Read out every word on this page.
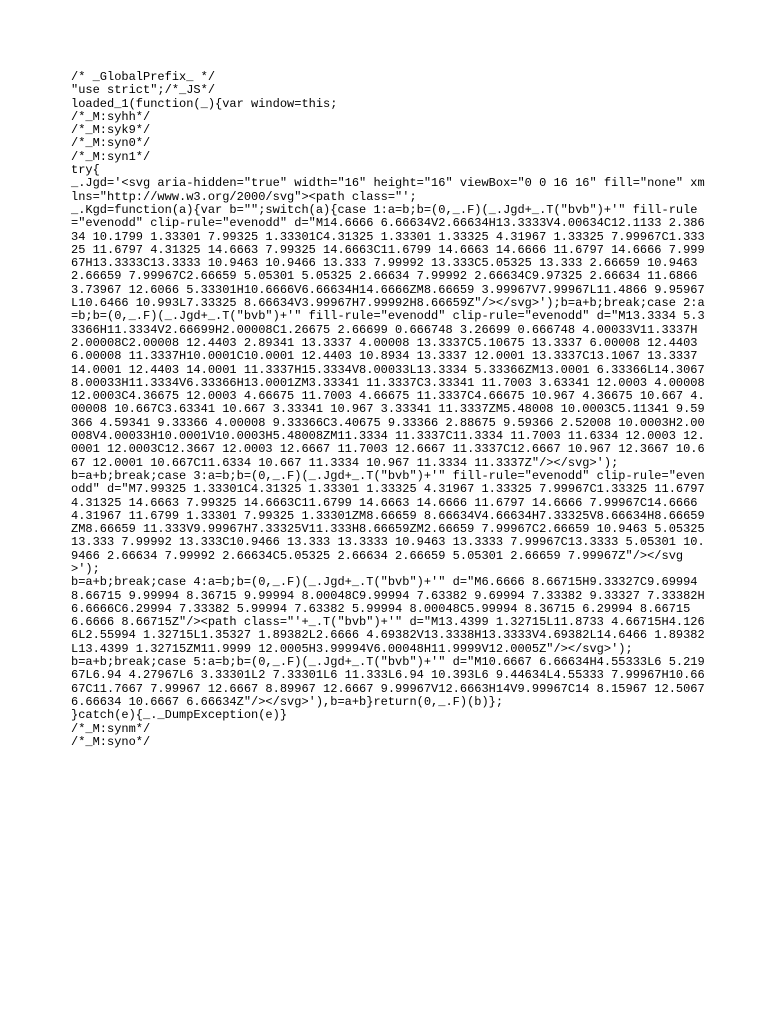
/* _GlobalPrefix_ */
"use strict";/*_JS*/
loaded_1(function(_){var window=this;
/*_M:syhh*/
/*_M:syk9*/
/*_M:syn0*/
/*_M:syn1*/
try{
_.Jgd='<svg aria-hidden="true" width="16" height="16" viewBox="0 0 16 16" fill="none" xmlns="http://www.w3.org/2000/svg"><path class="';
_.Kgd=function(a){var b="";switch(a){case 1:a=b;b=(0,_.F)(_.Jgd+_.T("bvb")+'" fill-rule="evenodd" clip-rule="evenodd" d="M14.6666 6.66634V2.66634H13.3333V4.00634C12.1133 2.38634 10.1799 1.33301 7.99325 1.33301C4.31325 1.33301 1.33325 4.31967 1.33325 7.99967C1.33325 11.6797 4.31325 14.6663 7.99325 14.6663C11.6799 14.6663 14.6666 11.6797 14.6666 7.99967H13.3333C13.3333 10.9463 10.9466 13.333 7.99992 13.333C5.05325 13.333 2.66659 10.9463 2.66659 7.99967C2.66659 5.05301 5.05325 2.66634 7.99992 2.66634C9.97325 2.66634 11.6866 3.73967 12.6066 5.33301H10.6666V6.66634H14.6666ZM8.66659 3.99967V7.99967L11.4866 9.95967L10.6466 10.993L7.33325 8.66634V3.99967H7.99992H8.66659Z"/></svg>');b=a+b;break;case 2:a=b;b=(0,_.F)(_.Jgd+_.T("bvb")+'" fill-rule="evenodd" clip-rule="evenodd" d="M13.3334 5.33366H11.3334V2.66699H2.00008C1.26675 2.66699 0.666748 3.26699 0.666748 4.00033V11.3337H2.00008C2.00008 12.4403 2.89341 13.3337 4.00008 13.3337C5.10675 13.3337 6.00008 12.4403 6.00008 11.3337H10.0001C10.0001 12.4403 10.8934 13.3337 12.0001 13.3337C13.1067 13.3337 14.0001 12.4403 14.0001 11.3337H15.3334V8.00033L13.3334 5.33366ZM13.0001 6.33366L14.3067 8.00033H11.3334V6.33366H13.0001ZM3.33341 11.3337C3.33341 11.7003 3.63341 12.0003 4.00008 12.0003C4.36675 12.0003 4.66675 11.7003 4.66675 11.3337C4.66675 10.967 4.36675 10.667 4.00008 10.667C3.63341 10.667 3.33341 10.967 3.33341 11.3337ZM5.48008 10.0003C5.11341 9.59366 4.59341 9.33366 4.00008 9.33366C3.40675 9.33366 2.88675 9.59366 2.52008 10.0003H2.00008V4.00033H10.0001V10.0003H5.48008ZM11.3334 11.3337C11.3334 11.7003 11.6334 12.0003 12.0001 12.0003C12.3667 12.0003 12.6667 11.7003 12.6667 11.3337C12.6667 10.967 12.3667 10.667 12.0001 10.667C11.6334 10.667 11.3334 10.967 11.3334 11.3337Z"/></svg>');
b=a+b;break;case 3:a=b;b=(0,_.F)(_.Jgd+_.T("bvb")+'" fill-rule="evenodd" clip-rule="evenodd" d="M7.99325 1.33301C4.31325 1.33301 1.33325 4.31967 1.33325 7.99967C1.33325 11.6797 4.31325 14.6663 7.99325 14.6663C11.6799 14.6663 14.6666 11.6797 14.6666 7.99967C14.6666 4.31967 11.6799 1.33301 7.99325 1.33301ZM8.66659 8.66634V4.66634H7.33325V8.66634H8.66659ZM8.66659 11.333V9.99967H7.33325V11.333H8.66659ZM2.66659 7.99967C2.66659 10.9463 5.05325 13.333 7.99992 13.333C10.9466 13.333 13.3333 10.9463 13.3333 7.99967C13.3333 5.05301 10.9466 2.66634 7.99992 2.66634C5.05325 2.66634 2.66659 5.05301 2.66659 7.99967Z"/></svg>');
b=a+b;break;case 4:a=b;b=(0,_.F)(_.Jgd+_.T("bvb")+'" d="M6.6666 8.66715H9.33327C9.69994 8.66715 9.99994 8.36715 9.99994 8.00048C9.99994 7.63382 9.69994 7.33382 9.33327 7.33382H6.6666C6.29994 7.33382 5.99994 7.63382 5.99994 8.00048C5.99994 8.36715 6.29994 8.66715 6.6666 8.66715Z"/><path class="'+_.T("bvb")+'" d="M13.4399 1.32715L11.8733 4.66715H4.1266L2.55994 1.32715L1.35327 1.89382L2.6666 4.69382V13.3338H13.3333V4.69382L14.6466 1.89382L13.4399 1.32715ZM11.9999 12.0005H3.99994V6.00048H11.9999V12.0005Z"/></svg>');
b=a+b;break;case 5:a=b;b=(0,_.F)(_.Jgd+_.T("bvb")+'" d="M10.6667 6.66634H4.55333L6 5.21967L6.94 4.27967L6 3.33301L2 7.33301L6 11.333L6.94 10.393L6 9.44634L4.55333 7.99967H10.6667C11.7667 7.99967 12.6667 8.89967 12.6667 9.99967V12.6663H14V9.99967C14 8.15967 12.5067 6.66634 10.6667 6.66634Z"/></svg>'),b=a+b}return(0,_.F)(b)};
}catch(e){_._DumpException(e)}
/*_M:synm*/
/*_M:syno*/
